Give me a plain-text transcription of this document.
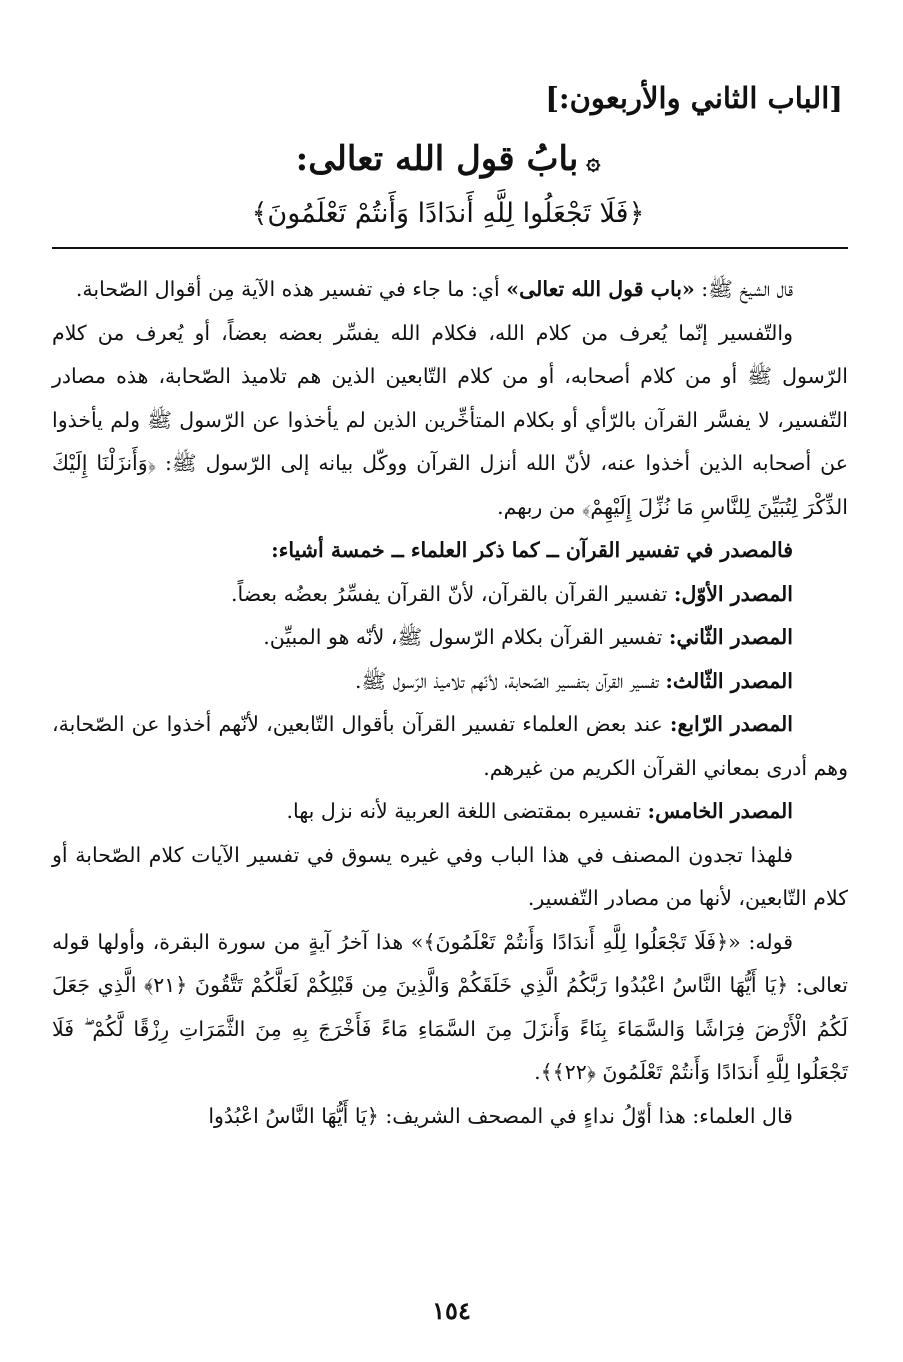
[الباب الثاني والأربعون:]
۞بابُ قول الله تعالى:
﴿فَلَا تَجْعَلُوا لِلَّهِ أَندَادًا وَأَنتُمْ تَعْلَمُونَ﴾

قال الشيخ ﷺ: «باب قول الله تعالى» أي: ما جاء في تفسير هذه الآية مِن أقوال الصّحابة.

والتّفسير إنّما يُعرف من كلام الله، فكلام الله يفسِّر بعضه بعضاً، أو يُعرف من كلام الرّسول ﷺ أو من كلام أصحابه، أو من كلام التّابعين الذين هم تلاميذ الصّحابة، هذه مصادر التّفسير، لا يفسَّر القرآن بالرّأي أو بكلام المتأخِّرين الذين لم يأخذوا عن الرّسول ﷺ ولم يأخذوا عن أصحابه الذين أخذوا عنه، لأنّ الله أنزل القرآن ووكّل بيانه إلى الرّسول ﷺ: ﴿وَأَنزَلْنَا إِلَيْكَ الذِّكْرَ لِتُبَيِّنَ لِلنَّاسِ مَا نُزِّلَ إِلَيْهِمْ﴾ من ربهم.

فالمصدر في تفسير القرآن ــ كما ذكر العلماء ــ خمسة أشياء:

المصدر الأوّل: تفسير القرآن بالقرآن، لأنّ القرآن يفسِّرُ بعضُه بعضاً.

المصدر الثّاني: تفسير القرآن بكلام الرّسول ﷺ، لأنّه هو المبيِّن.

المصدر الثّالث: تفسير القرآن بتفسير الصّحابة، لأنّهم تلاميذ الرّسول ﷺ.

المصدر الرّابع: عند بعض العلماء تفسير القرآن بأقوال التّابعين، لأنّهم أخذوا عن الصّحابة، وهم أدرى بمعاني القرآن الكريم من غيرهم.

المصدر الخامس: تفسيره بمقتضى اللغة العربية لأنه نزل بها.

فلهذا تجدون المصنف في هذا الباب وفي غيره يسوق في تفسير الآيات كلام الصّحابة أو كلام التّابعين، لأنها من مصادر التّفسير.

قوله: «﴿فَلَا تَجْعَلُوا لِلَّهِ أَندَادًا وَأَنتُمْ تَعْلَمُونَ﴾» هذا آخرُ آيةٍ من سورة البقرة، وأولها قوله تعالى: ﴿يَا أَيُّهَا النَّاسُ اعْبُدُوا رَبَّكُمُ الَّذِي خَلَقَكُمْ وَالَّذِينَ مِن قَبْلِكُمْ لَعَلَّكُمْ تَتَّقُونَ ﴿٢١﴾ الَّذِي جَعَلَ لَكُمُ الْأَرْضَ فِرَاشًا وَالسَّمَاءَ بِنَاءً وَأَنزَلَ مِنَ السَّمَاءِ مَاءً فَأَخْرَجَ بِهِ مِنَ الثَّمَرَاتِ رِزْقًا لَّكُمْ ۖ فَلَا تَجْعَلُوا لِلَّهِ أَندَادًا وَأَنتُمْ تَعْلَمُونَ ﴿٢٢﴾﴾.

قال العلماء: هذا أوّلُ نداءٍ في المصحف الشريف: ﴿يَا أَيُّهَا النَّاسُ اعْبُدُوا

١٥٤
